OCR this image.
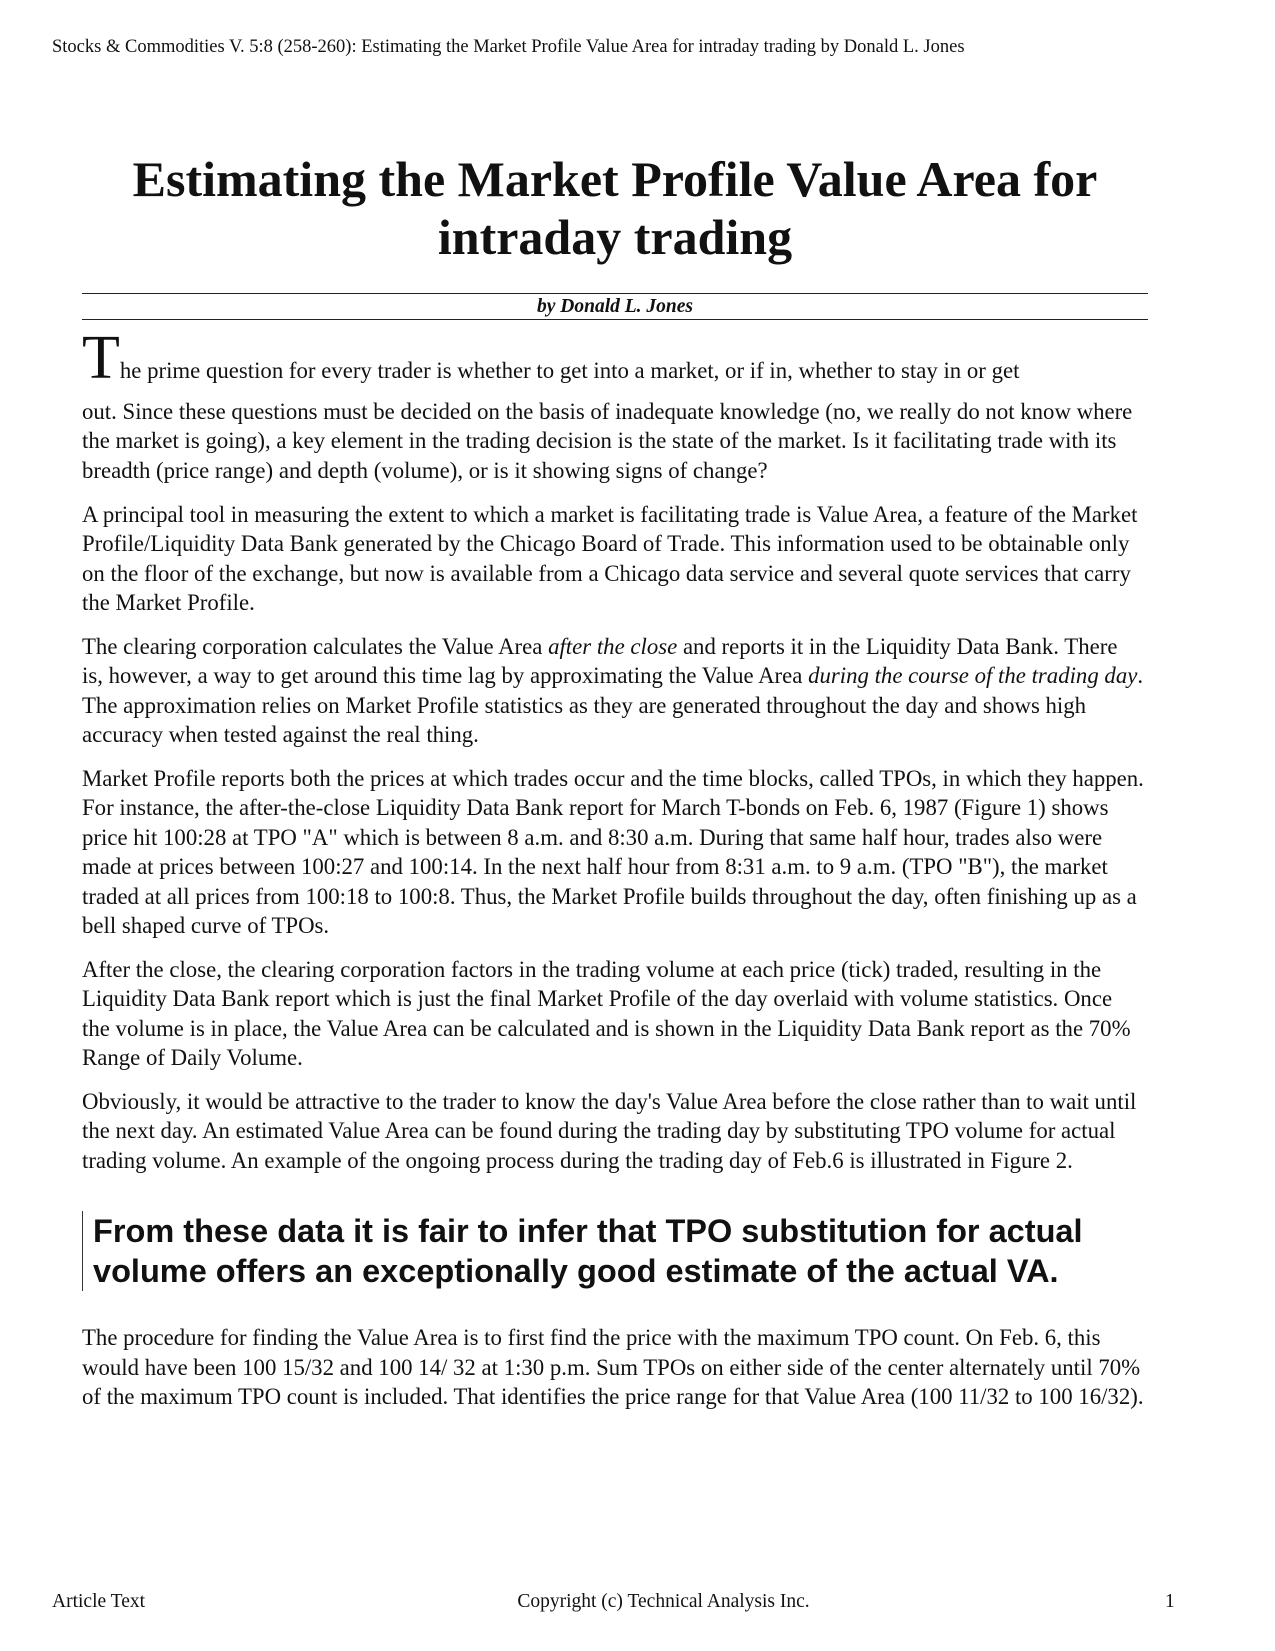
Stocks & Commodities V. 5:8 (258-260): Estimating the Market Profile Value Area for intraday trading by Donald L. Jones
Estimating the Market Profile Value Area for intraday trading
by Donald L. Jones

The prime question for every trader is whether to get into a market, or if in, whether to stay in or get
out. Since these questions must be decided on the basis of inadequate knowledge (no, we really do not know where the market is going), a key element in the trading decision is the state of the market. Is it facilitating trade with its breadth (price range) and depth (volume), or is it showing signs of change?

A principal tool in measuring the extent to which a market is facilitating trade is Value Area, a feature of the Market Profile/Liquidity Data Bank generated by the Chicago Board of Trade. This information used to be obtainable only on the floor of the exchange, but now is available from a Chicago data service and several quote services that carry the Market Profile.

The clearing corporation calculates the Value Area after the close and reports it in the Liquidity Data Bank. There is, however, a way to get around this time lag by approximating the Value Area during the course of the trading day. The approximation relies on Market Profile statistics as they are generated throughout the day and shows high accuracy when tested against the real thing.

Market Profile reports both the prices at which trades occur and the time blocks, called TPOs, in which they happen. For instance, the after-the-close Liquidity Data Bank report for March T-bonds on Feb. 6, 1987 (Figure 1) shows price hit 100:28 at TPO "A" which is between 8 a.m. and 8:30 a.m. During that same half hour, trades also were made at prices between 100:27 and 100:14. In the next half hour from 8:31 a.m. to 9 a.m. (TPO "B"), the market traded at all prices from 100:18 to 100:8. Thus, the Market Profile builds throughout the day, often finishing up as a bell shaped curve of TPOs.

After the close, the clearing corporation factors in the trading volume at each price (tick) traded, resulting in the Liquidity Data Bank report which is just the final Market Profile of the day overlaid with volume statistics. Once the volume is in place, the Value Area can be calculated and is shown in the Liquidity Data Bank report as the 70% Range of Daily Volume.

Obviously, it would be attractive to the trader to know the day's Value Area before the close rather than to wait until the next day. An estimated Value Area can be found during the trading day by substituting TPO volume for actual trading volume. An example of the ongoing process during the trading day of Feb.6 is illustrated in Figure 2.

From these data it is fair to infer that TPO substitution for actual volume offers an exceptionally good estimate of the actual VA.

The procedure for finding the Value Area is to first find the price with the maximum TPO count. On Feb. 6, this would have been 100 15/32 and 100 14/ 32 at 1:30 p.m. Sum TPOs on either side of the center alternately until 70% of the maximum TPO count is included. That identifies the price range for that Value Area (100 11/32 to 100 16/32).

Article Text	Copyright (c) Technical Analysis Inc.	1
